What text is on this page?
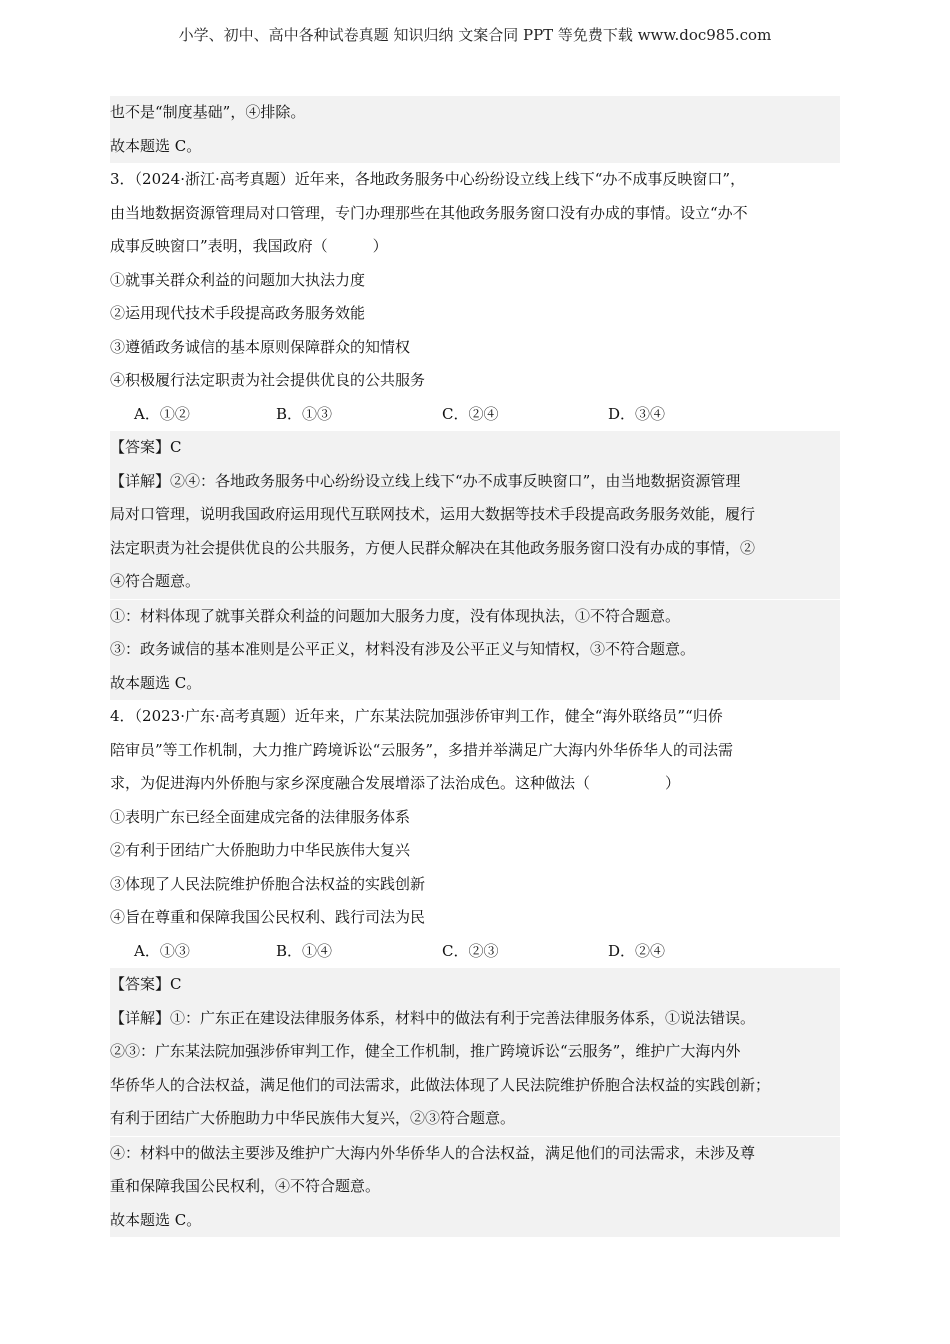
小学、初中、高中各种试卷真题 知识归纳 文案合同 PPT 等免费下载 www.doc985.com
也不是“制度基础”，④排除。
故本题选 C。
3．（2024·浙江·高考真题）近年来，各地政务服务中心纷纷设立线上线下“办不成事反映窗口”，
由当地数据资源管理局对口管理，专门办理那些在其他政务服务窗口没有办成的事情。设立“办不
成事反映窗口”表明，我国政府（　　　）
①就事关群众利益的问题加大执法力度
②运用现代技术手段提高政务服务效能
③遵循政务诚信的基本原则保障群众的知情权
④积极履行法定职责为社会提供优良的公共服务
A．①②	B．①③	C．②④	D．③④
【答案】C
【详解】②④：各地政务服务中心纷纷设立线上线下“办不成事反映窗口”，由当地数据资源管理
局对口管理，说明我国政府运用现代互联网技术，运用大数据等技术手段提高政务服务效能，履行
法定职责为社会提供优良的公共服务，方便人民群众解决在其他政务服务窗口没有办成的事情，②
④符合题意。
①：材料体现了就事关群众利益的问题加大服务力度，没有体现执法，①不符合题意。
③：政务诚信的基本准则是公平正义，材料没有涉及公平正义与知情权，③不符合题意。
故本题选 C。
4．（2023·广东·高考真题）近年来，广东某法院加强涉侨审判工作，健全“海外联络员”“归侨
陪审员”等工作机制，大力推广跨境诉讼“云服务”，多措并举满足广大海内外华侨华人的司法需
求，为促进海内外侨胞与家乡深度融合发展增添了法治成色。这种做法（　　　　　）
①表明广东已经全面建成完备的法律服务体系
②有利于团结广大侨胞助力中华民族伟大复兴
③体现了人民法院维护侨胞合法权益的实践创新
④旨在尊重和保障我国公民权利、践行司法为民
A．①③	B．①④	C．②③	D．②④
【答案】C
【详解】①：广东正在建设法律服务体系，材料中的做法有利于完善法律服务体系，①说法错误。
②③：广东某法院加强涉侨审判工作，健全工作机制，推广跨境诉讼“云服务”，维护广大海内外
华侨华人的合法权益，满足他们的司法需求，此做法体现了人民法院维护侨胞合法权益的实践创新；
有利于团结广大侨胞助力中华民族伟大复兴，②③符合题意。
④：材料中的做法主要涉及维护广大海内外华侨华人的合法权益，满足他们的司法需求，未涉及尊
重和保障我国公民权利，④不符合题意。
故本题选 C。
